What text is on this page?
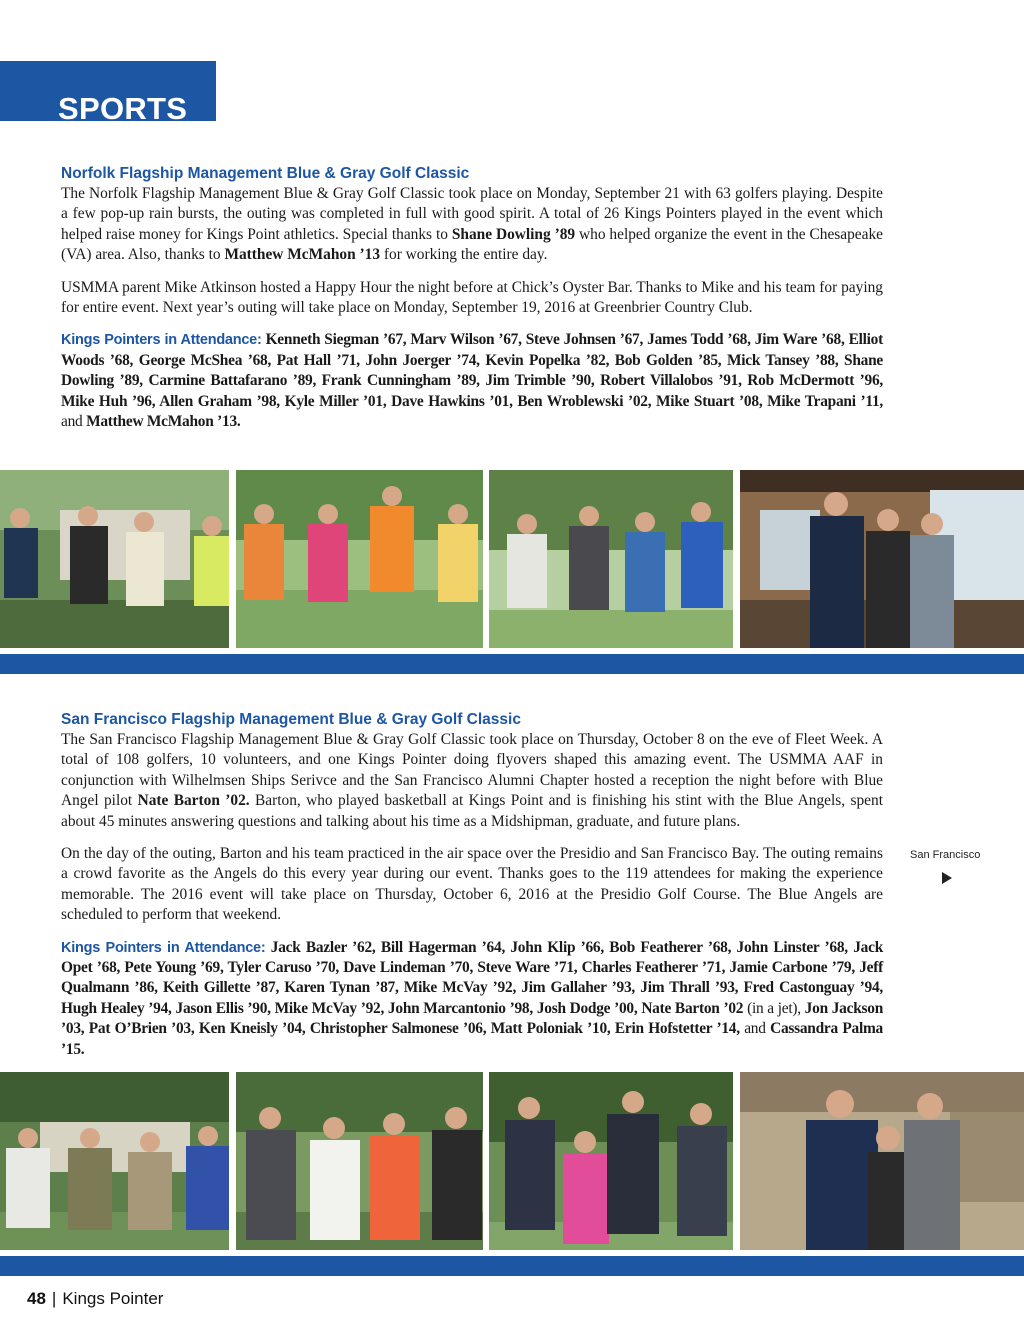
SPORTS
Norfolk Flagship Management Blue & Gray Golf Classic

The Norfolk Flagship Management Blue & Gray Golf Classic took place on Monday, September 21 with 63 golfers playing. Despite a few pop-up rain bursts, the outing was completed in full with good spirit. A total of 26 Kings Pointers played in the event which helped raise money for Kings Point athletics. Special thanks to Shane Dowling ’89 who helped organize the event in the Chesapeake (VA) area. Also, thanks to Matthew McMahon ’13 for working the entire day.

USMMA parent Mike Atkinson hosted a Happy Hour the night before at Chick’s Oyster Bar. Thanks to Mike and his team for paying for entire event. Next year’s outing will take place on Monday, September 19, 2016 at Greenbrier Country Club.

Kings Pointers in Attendance: Kenneth Siegman ’67, Marv Wilson ’67, Steve Johnsen ’67, James Todd ’68, Jim Ware ’68, Elliot Woods ’68, George McShea ’68, Pat Hall ’71, John Joerger ’74, Kevin Popelka ’82, Bob Golden ’85, Mick Tansey ’88, Shane Dowling ’89, Carmine Battafarano ’89, Frank Cunningham ’89, Jim Trimble ’90, Robert Villalobos ’91, Rob McDermott ’96, Mike Huh ’96, Allen Graham ’98, Kyle Miller ’01, Dave Hawkins ’01, Ben Wroblewski ’02, Mike Stuart ’08, Mike Trapani ’11, and Matthew McMahon ’13.

San Francisco Flagship Management Blue & Gray Golf Classic

The San Francisco Flagship Management Blue & Gray Golf Classic took place on Thursday, October 8 on the eve of Fleet Week. A total of 108 golfers, 10 volunteers, and one Kings Pointer doing flyovers shaped this amazing event. The USMMA AAF in conjunction with Wilhelmsen Ships Serivce and the San Francisco Alumni Chapter hosted a reception the night before with Blue Angel pilot Nate Barton ’02. Barton, who played basketball at Kings Point and is finishing his stint with the Blue Angels, spent about 45 minutes answering questions and talking about his time as a Midshipman, graduate, and future plans.

On the day of the outing, Barton and his team practiced in the air space over the Presidio and San Francisco Bay. The outing remains a crowd favorite as the Angels do this every year during our event. Thanks goes to the 119 attendees for making the experience memorable. The 2016 event will take place on Thursday, October 6, 2016 at the Presidio Golf Course. The Blue Angels are scheduled to perform that weekend.

Kings Pointers in Attendance: Jack Bazler ’62, Bill Hagerman ’64, John Klip ’66, Bob Featherer ’68, John Linster ’68, Jack Opet ’68, Pete Young ’69, Tyler Caruso ’70, Dave Lindeman ’70, Steve Ware ’71, Charles Featherer ’71, Jamie Carbone ’79, Jeff Qualmann ’86, Keith Gillette ’87, Karen Tynan ’87, Mike McVay ’92, Jim Gallaher ’93, Jim Thrall ’93, Fred Castonguay ’94, Hugh Healey ’94, Jason Ellis ’90, Mike McVay ’92, John Marcantonio ’98, Josh Dodge ’00, Nate Barton ’02 (in a jet), Jon Jackson ’03, Pat O’Brien ’03, Ken Kneisly ’04, Christopher Salmonese ’06, Matt Poloniak ’10, Erin Hofstetter ’14, and Cassandra Palma ’15.

San Francisco
48 | Kings Pointer
